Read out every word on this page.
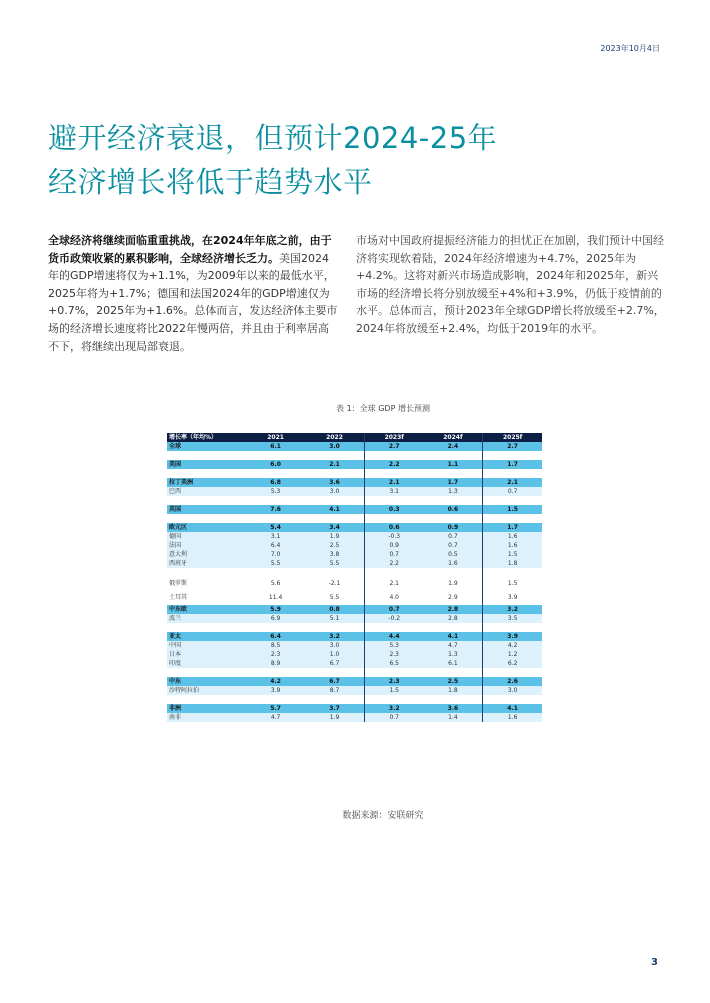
2023年10月4日
避开经济衰退，但预计2024-25年
经济增长将低于趋势水平
全球经济将继续面临重重挑战，在2024年年底之前，由于货币政策收紧的累积影响，全球经济增长乏力。美国2024年的GDP增速将仅为+1.1%，为2009年以来的最低水平，2025年将为+1.7%；德国和法国2024年的GDP增速仅为+0.7%，2025年为+1.6%。总体而言，发达经济体主要市场的经济增长速度将比2022年慢两倍，并且由于利率居高不下，将继续出现局部衰退。
市场对中国政府提振经济能力的担忧正在加剧，我们预计中国经济将实现软着陆，2024年经济增速为+4.7%，2025年为+4.2%。这将对新兴市场造成影响，2024年和2025年，新兴市场的经济增长将分别放缓至+4%和+3.9%，仍低于疫情前的水平。总体而言，预计2023年全球GDP增长将放缓至+2.7%，2024年将放缓至+2.4%，均低于2019年的水平。
表 1：全球 GDP 增长预测
增长率（年均%）	2021	2022	2023f	2024f	2025f
全球	6.1	3.0	2.7	2.4	2.7

美国	6.0	2.1	2.2	1.1	1.7

拉丁美洲	6.8	3.6	2.1	1.7	2.1
巴西	5.3	3.0	3.1	1.3	0.7

英国	7.6	4.1	0.3	0.6	1.5

欧元区	5.4	3.4	0.6	0.9	1.7
德国	3.1	1.9	-0.3	0.7	1.6
法国	6.4	2.5	0.9	0.7	1.6
意大利	7.0	3.8	0.7	0.5	1.5
西班牙	5.5	5.5	2.2	1.6	1.8

俄罗斯	5.6	-2.1	2.1	1.9	1.5
土耳其	11.4	5.5	4.0	2.9	3.9
中东欧	5.9	0.8	0.7	2.8	3.2
波兰	6.9	5.1	-0.2	2.8	3.5

亚太	6.4	3.2	4.4	4.1	3.9
中国	8.5	3.0	5.3	4.7	4.2
日本	2.3	1.0	2.3	1.3	1.2
印度	8.9	6.7	6.5	6.1	6.2

中东	4.2	6.7	2.3	2.5	2.6
沙特阿拉伯	3.9	8.7	1.5	1.8	3.0

非洲	5.7	3.7	3.2	3.6	4.1
南非	4.7	1.9	0.7	1.4	1.6
数据来源：安联研究
3
